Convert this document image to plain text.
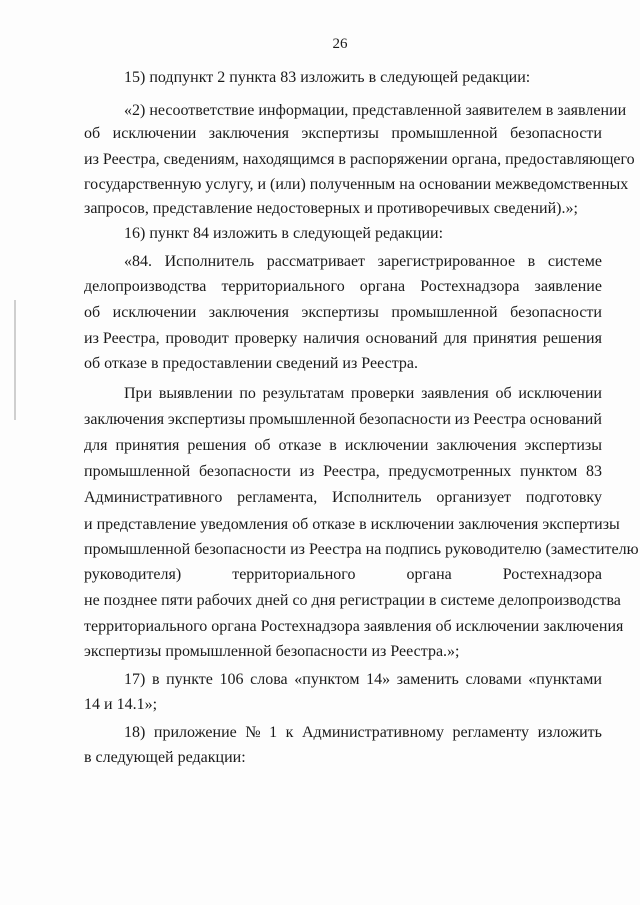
26
15) подпункт 2 пункта 83 изложить в следующей редакции:
«2) несоответствие информации, представленной заявителем в заявлении
об исключении заключения экспертизы промышленной безопасности
из Реестра, сведениям, находящимся в распоряжении органа, предоставляющего
государственную услугу, и (или) полученным на основании межведомственных
запросов, представление недостоверных и противоречивых сведений).»;
16) пункт 84 изложить в следующей редакции:
«84. Исполнитель рассматривает зарегистрированное в системе
делопроизводства территориального органа Ростехнадзора заявление
об исключении заключения экспертизы промышленной безопасности
из Реестра, проводит проверку наличия оснований для принятия решения
об отказе в предоставлении сведений из Реестра.
При выявлении по результатам проверки заявления об исключении
заключения экспертизы промышленной безопасности из Реестра оснований
для принятия решения об отказе в исключении заключения экспертизы
промышленной безопасности из Реестра, предусмотренных пунктом 83
Административного регламента, Исполнитель организует подготовку
и представление уведомления об отказе в исключении заключения экспертизы
промышленной безопасности из Реестра на подпись руководителю (заместителю
руководителя)	территориального	органа	Ростехнадзора
не позднее пяти рабочих дней со дня регистрации в системе делопроизводства
территориального органа Ростехнадзора заявления об исключении заключения
экспертизы промышленной безопасности из Реестра.»;
17) в пункте 106 слова «пунктом 14» заменить словами «пунктами
14 и 14.1»;
18) приложение № 1 к Административному регламенту изложить
в следующей редакции:
